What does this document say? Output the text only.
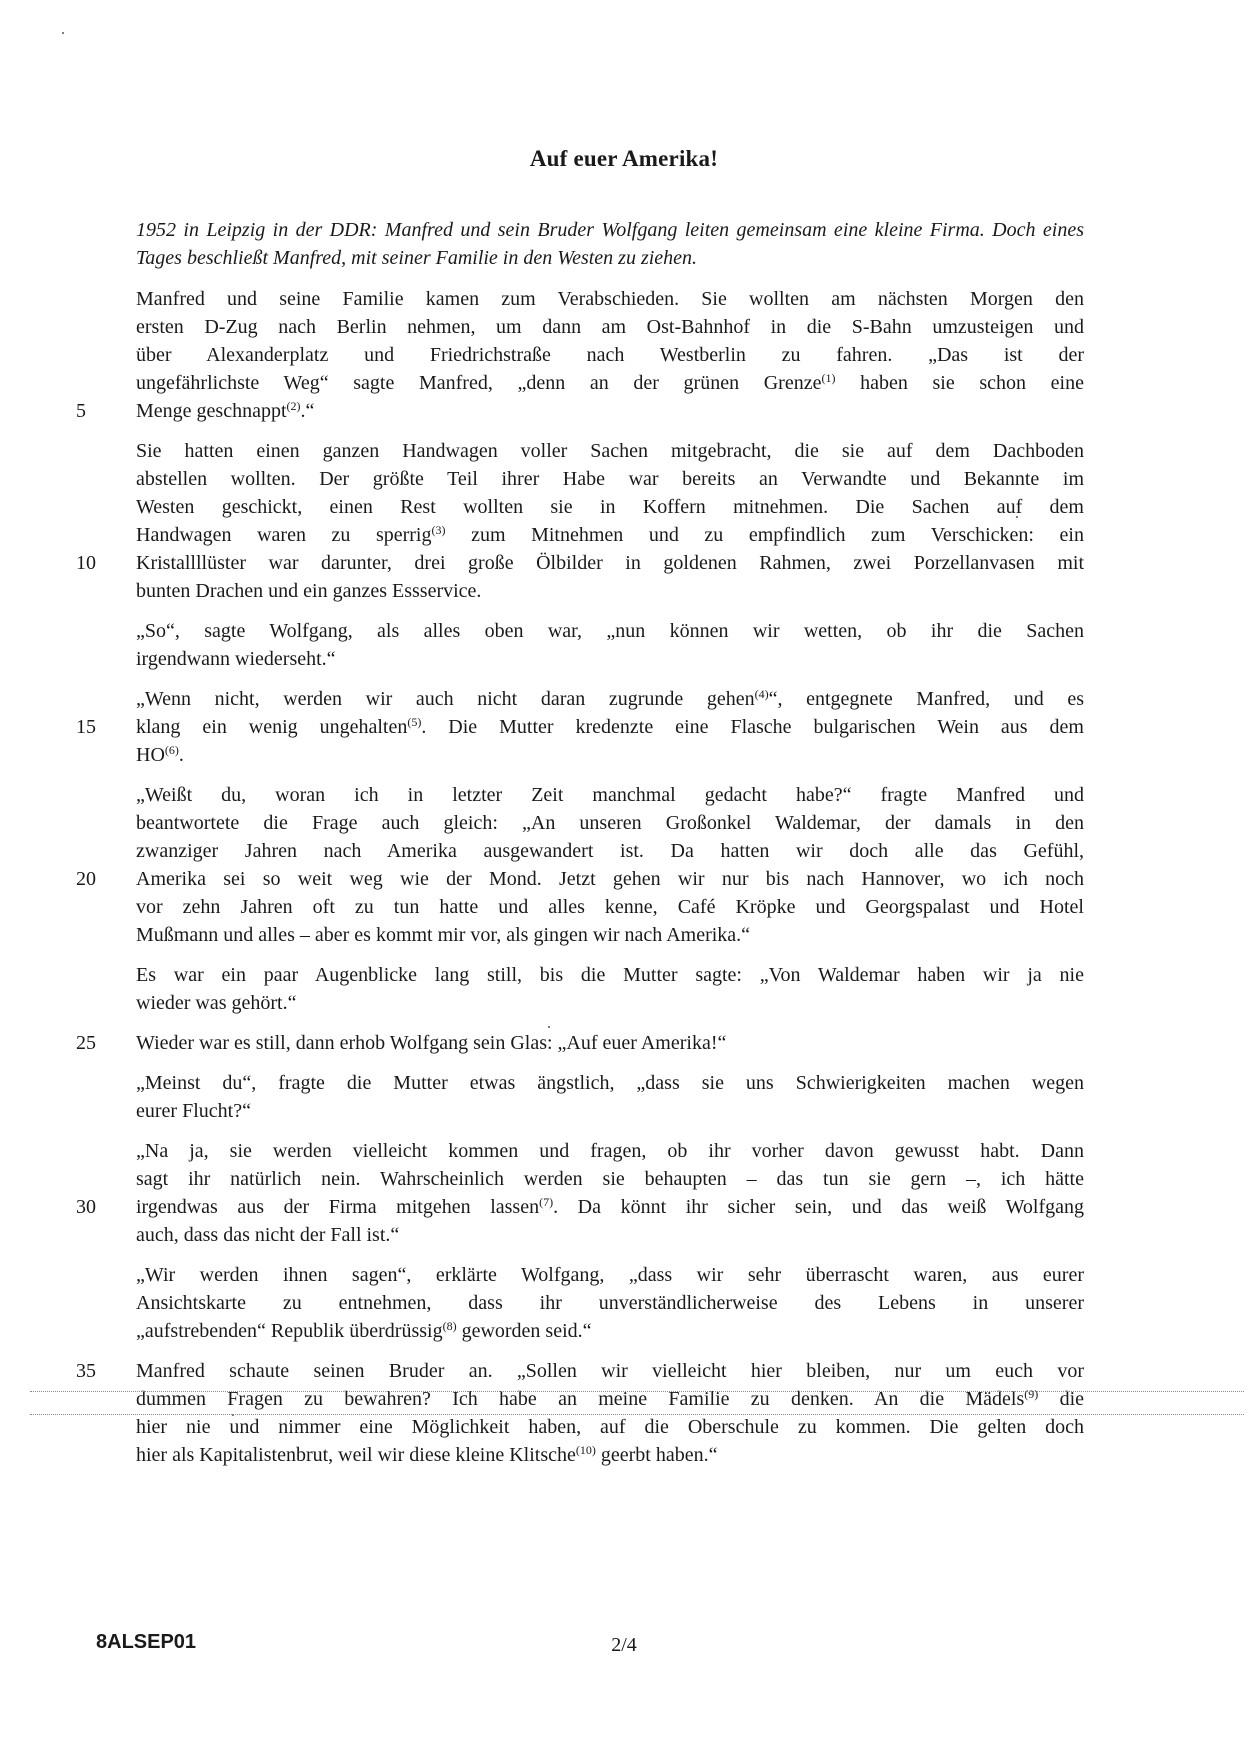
Auf euer Amerika!
1952 in Leipzig in der DDR: Manfred und sein Bruder Wolfgang leiten gemeinsam eine kleine Firma. Doch eines Tages beschließt Manfred, mit seiner Familie in den Westen zu ziehen.
Manfred und seine Familie kamen zum Verabschieden. Sie wollten am nächsten Morgen den
ersten D-Zug nach Berlin nehmen, um dann am Ost-Bahnhof in die S-Bahn umzusteigen und
über Alexanderplatz und Friedrichstraße nach Westberlin zu fahren. „Das ist der
ungefährlichste Weg“ sagte Manfred, „denn an der grünen Grenze$^{(1)}$ haben sie schon eine
5	Menge geschnappt$^{(2)}$.“
Sie hatten einen ganzen Handwagen voller Sachen mitgebracht, die sie auf dem Dachboden
abstellen wollten. Der größte Teil ihrer Habe war bereits an Verwandte und Bekannte im
Westen geschickt, einen Rest wollten sie in Koffern mitnehmen. Die Sachen auf dem
Handwagen waren zu sperrig$^{(3)}$ zum Mitnehmen und zu empfindlich zum Verschicken: ein
10	Kristallllüster war darunter, drei große Ölbilder in goldenen Rahmen, zwei Porzellanvasen mit
bunten Drachen und ein ganzes Essservice.
„So“, sagte Wolfgang, als alles oben war, „nun können wir wetten, ob ihr die Sachen
irgendwann wiederseht.“
„Wenn nicht, werden wir auch nicht daran zugrunde gehen$^{(4)}$“, entgegnete Manfred, und es
15	klang ein wenig ungehalten$^{(5)}$. Die Mutter kredenzte eine Flasche bulgarischen Wein aus dem
HO$^{(6)}$.
„Weißt du, woran ich in letzter Zeit manchmal gedacht habe?“ fragte Manfred und
beantwortete die Frage auch gleich: „An unseren Großonkel Waldemar, der damals in den
zwanziger Jahren nach Amerika ausgewandert ist. Da hatten wir doch alle das Gefühl,
20	Amerika sei so weit weg wie der Mond. Jetzt gehen wir nur bis nach Hannover, wo ich noch
vor zehn Jahren oft zu tun hatte und alles kenne, Café Kröpke und Georgspalast und Hotel
Mußmann und alles – aber es kommt mir vor, als gingen wir nach Amerika.“
Es war ein paar Augenblicke lang still, bis die Mutter sagte: „Von Waldemar haben wir ja nie
wieder was gehört.“
25	Wieder war es still, dann erhob Wolfgang sein Glas: „Auf euer Amerika!“
„Meinst du“, fragte die Mutter etwas ängstlich, „dass sie uns Schwierigkeiten machen wegen
eurer Flucht?“
„Na ja, sie werden vielleicht kommen und fragen, ob ihr vorher davon gewusst habt. Dann
sagt ihr natürlich nein. Wahrscheinlich werden sie behaupten – das tun sie gern –, ich hätte
30	irgendwas aus der Firma mitgehen lassen$^{(7)}$. Da könnt ihr sicher sein, und das weiß Wolfgang
auch, dass das nicht der Fall ist.“
„Wir werden ihnen sagen“, erklärte Wolfgang, „dass wir sehr überrascht waren, aus eurer
Ansichtskarte zu entnehmen, dass ihr unverständlicherweise des Lebens in unserer
„aufstrebenden“ Republik überdrüssig$^{(8)}$ geworden seid.“
35	Manfred schaute seinen Bruder an. „Sollen wir vielleicht hier bleiben, nur um euch vor
dummen Fragen zu bewahren? Ich habe an meine Familie zu denken. An die Mädels$^{(9)}$ die
hier nie und nimmer eine Möglichkeit haben, auf die Oberschule zu kommen. Die gelten doch
hier als Kapitalistenbrut, weil wir diese kleine Klitsche$^{(10)}$ geerbt haben.“
8ALSEP01	2/4
